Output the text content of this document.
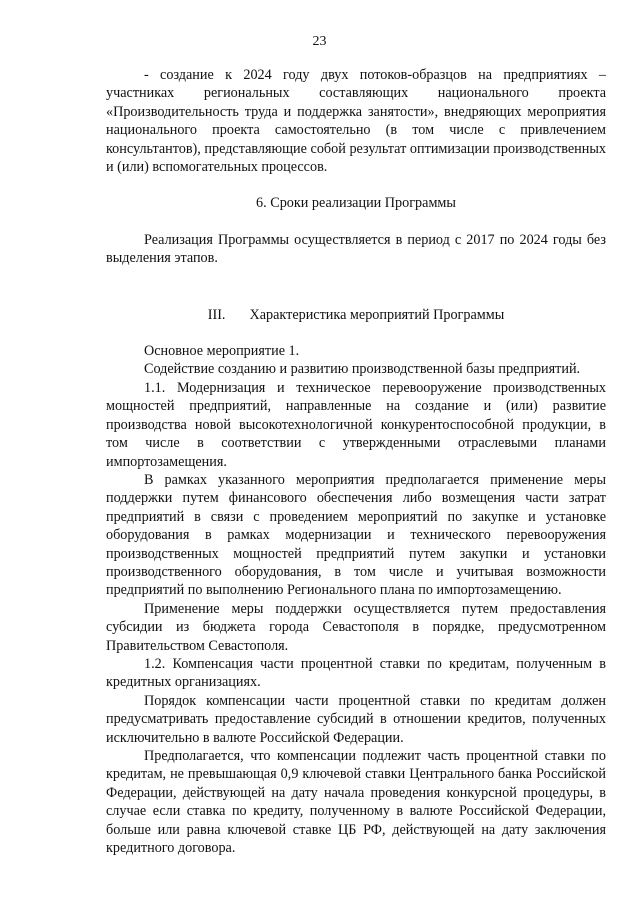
23

- создание к 2024 году двух потоков-образцов на предприятиях – участниках региональных составляющих национального проекта «Производительность труда и поддержка занятости», внедряющих мероприятия национального проекта самостоятельно (в том числе с привлечением консультантов), представляющие собой результат оптимизации производственных и (или) вспомогательных процессов.

6. Сроки реализации Программы

Реализация Программы осуществляется в период с 2017 по 2024 годы без выделения этапов.

III. Характеристика мероприятий Программы

Основное мероприятие 1.

Содействие созданию и развитию производственной базы предприятий.

1.1. Модернизация и техническое перевооружение производственных мощностей предприятий, направленные на создание и (или) развитие производства новой высокотехнологичной конкурентоспособной продукции, в том числе в соответствии с утвержденными отраслевыми планами импортозамещения.

В рамках указанного мероприятия предполагается применение меры поддержки путем финансового обеспечения либо возмещения части затрат предприятий в связи с проведением мероприятий по закупке и установке оборудования в рамках модернизации и технического перевооружения производственных мощностей предприятий путем закупки и установки производственного оборудования, в том числе и учитывая возможности предприятий по выполнению Регионального плана по импортозамещению.

Применение меры поддержки осуществляется путем предоставления субсидии из бюджета города Севастополя в порядке, предусмотренном Правительством Севастополя.

1.2. Компенсация части процентной ставки по кредитам, полученным в кредитных организациях.

Порядок компенсации части процентной ставки по кредитам должен предусматривать предоставление субсидий в отношении кредитов, полученных исключительно в валюте Российской Федерации.

Предполагается, что компенсации подлежит часть процентной ставки по кредитам, не превышающая 0,9 ключевой ставки Центрального банка Российской Федерации, действующей на дату начала проведения конкурсной процедуры, в случае если ставка по кредиту, полученному в валюте Российской Федерации, больше или равна ключевой ставке ЦБ РФ, действующей на дату заключения кредитного договора.
